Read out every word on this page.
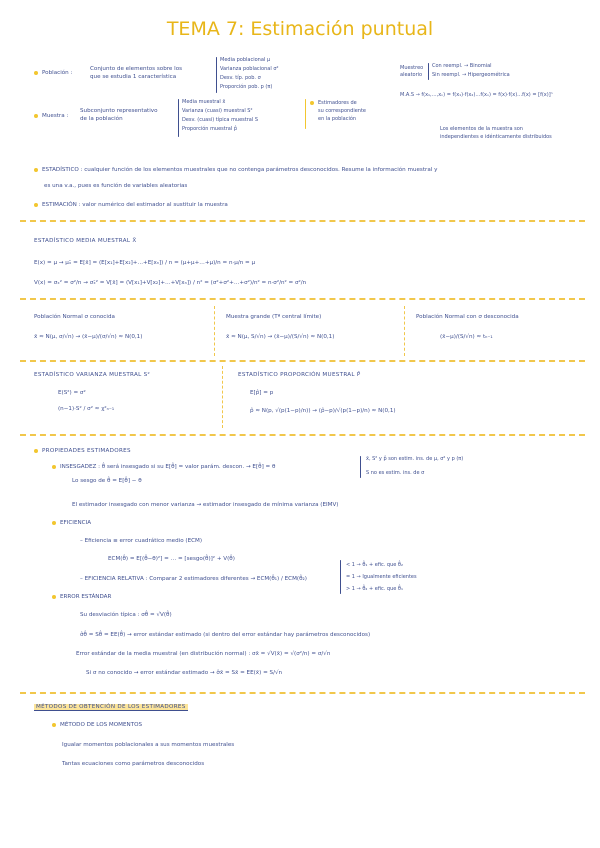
TEMA 7: Estimación puntual
Población :
Conjunto de elementos sobre los
que se estudia 1 característica
Media poblacional μ
Varianza poblacional σ²
Desv. típ. pob. σ
Proporción pob. p (π)
Muestreo
aleatorio
Con reempl. → Binomial
Sin reempl. → Hipergeométrica
M.A.S → f(x₁,…,xₙ) = f(x₁)·f(x₂)…f(xₙ) = f(x)·f(x)…f(x) = [f(x)]ⁿ
Los elementos de la muestra son
independientes e idénticamente distribuidos
Muestra :
Subconjunto representativo
de la población
Media muestral x̄
Varianza (cuasi) muestral S²
Desv. (cuasi) típica muestral S
Proporción muestral p̂
Estimadores de
su correspondiente
en la población
ESTADÍSTICO : cualquier función de los elementos muestrales que no contenga parámetros desconocidos. Resume la información muestral y
es una v.a., pues es función de variables aleatorias
ESTIMACIÓN : valor numérico del estimador al sustituir la muestra
ESTADÍSTICO MEDIA MUESTRAL X̄
E(x) = μ → μₓ̄ = E[x̄] = (E[x₁]+E[x₂]+…+E[xₙ]) / n = (μ+μ+…+μ)/n = n·μ/n = μ
V(x) = σₓ² = σ²/n → σₓ̄² = V[x̄] = (V[x₁]+V[x₂]+…+V[xₙ]) / n² = (σ²+σ²+…+σ²)/n² = n·σ²/n² = σ²/n
Población Normal σ conocida
x̄ ≈ N(μ, σ/√n) → (x̄−μ)/(σ/√n) ≈ N(0,1)
Muestra grande (Tª central límite)
x̄ ≈ N(μ, S/√n) → (x̄−μ)/(S/√n) ≈ N(0,1)
Población Normal con σ desconocida
(x̄−μ)/(S/√n) ≈ tₙ₋₁
ESTADÍSTICO VARIANZA MUESTRAL S²
E(S²) = σ²
(n−1)·S² / σ² ≈ χ²ₙ₋₁
ESTADÍSTICO PROPORCIÓN MUESTRAL P̂
E[p̂] = p
p̂ ≈ N(p, √(p(1−p)/n)) → (p̂−p)/√(p(1−p)/n) ≈ N(0,1)
PROPIEDADES ESTIMADORES
INSESGADEZ : θ̂ será insesgado si su E[θ̂] = valor parám. descon. → E[θ̂] = θ
Lo sesgo de θ̂ = E[θ̂] − θ
x̄, S² y p̂ son estim. ins. de μ, σ² y p (π)
S no es estim. ins. de σ
El estimador insesgado con menor varianza → estimador insesgado de mínima varianza (EIMV)
EFICIENCIA
– Eficiencia ≡ error cuadrático medio (ECM)
ECM(θ̂) = E[(θ̂−θ)²] = … = [sesgo(θ̂)]² + V(θ̂)
– EFICIENCIA RELATIVA : Comparar 2 estimadores diferentes → ECM(θ̂₁) / ECM(θ̂₂)
< 1 → θ̂₁ + efic. que θ̂₂
= 1 → Igualmente eficientes
> 1 → θ̂₂ + efic. que θ̂₁
ERROR ESTÁNDAR
Su desviación típica : σθ̂ = √V(θ̂)
σ̂θ̂ = Sθ̂ = EE(θ̂) → error estándar estimado (si dentro del error estándar hay parámetros desconocidos)
Error estándar de la media muestral (en distribución normal) : σx̄ = √V(x̄) = √(σ²/n) = σ/√n
Si σ no conocido → error estándar estimado → σ̂x̄ = Sx̄ = EE(x̄) = S/√n
MÉTODOS DE OBTENCIÓN DE LOS ESTIMADORES
MÉTODO DE LOS MOMENTOS
Igualar momentos poblacionales a sus momentos muestrales
Tantas ecuaciones como parámetros desconocidos
